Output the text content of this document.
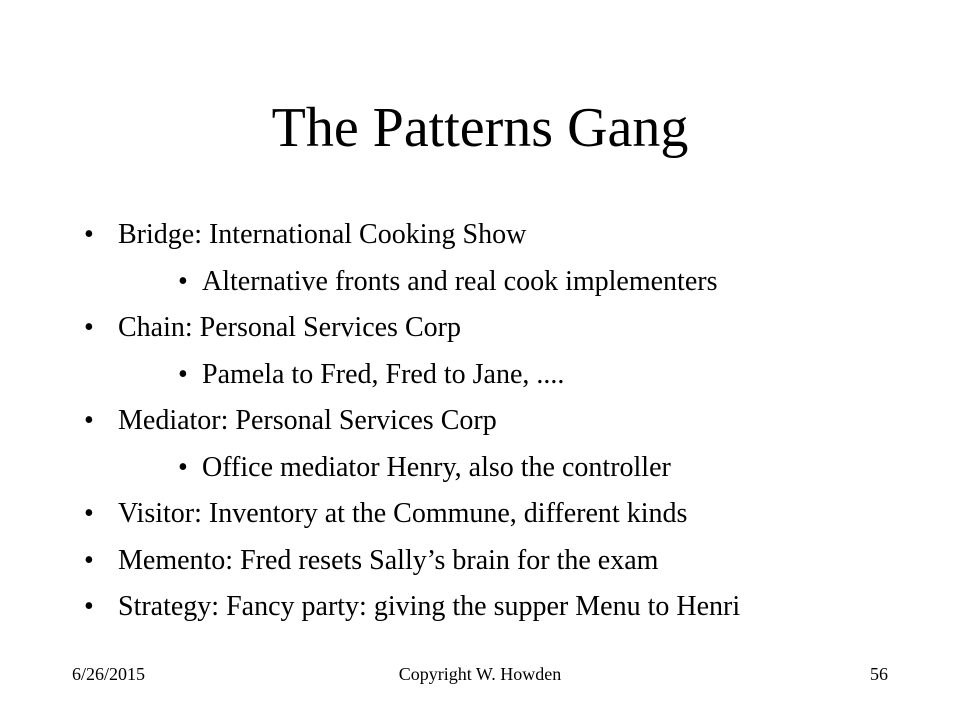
The Patterns Gang
• Bridge: International Cooking Show
• Alternative fronts and real cook implementers
• Chain: Personal Services Corp
• Pamela to Fred, Fred to Jane, ....
• Mediator: Personal Services Corp
• Office mediator Henry, also the controller
• Visitor: Inventory at the Commune, different kinds
• Memento: Fred resets Sally’s brain for the exam
• Strategy: Fancy party: giving the supper Menu to Henri
6/26/2015	Copyright W. Howden	56
